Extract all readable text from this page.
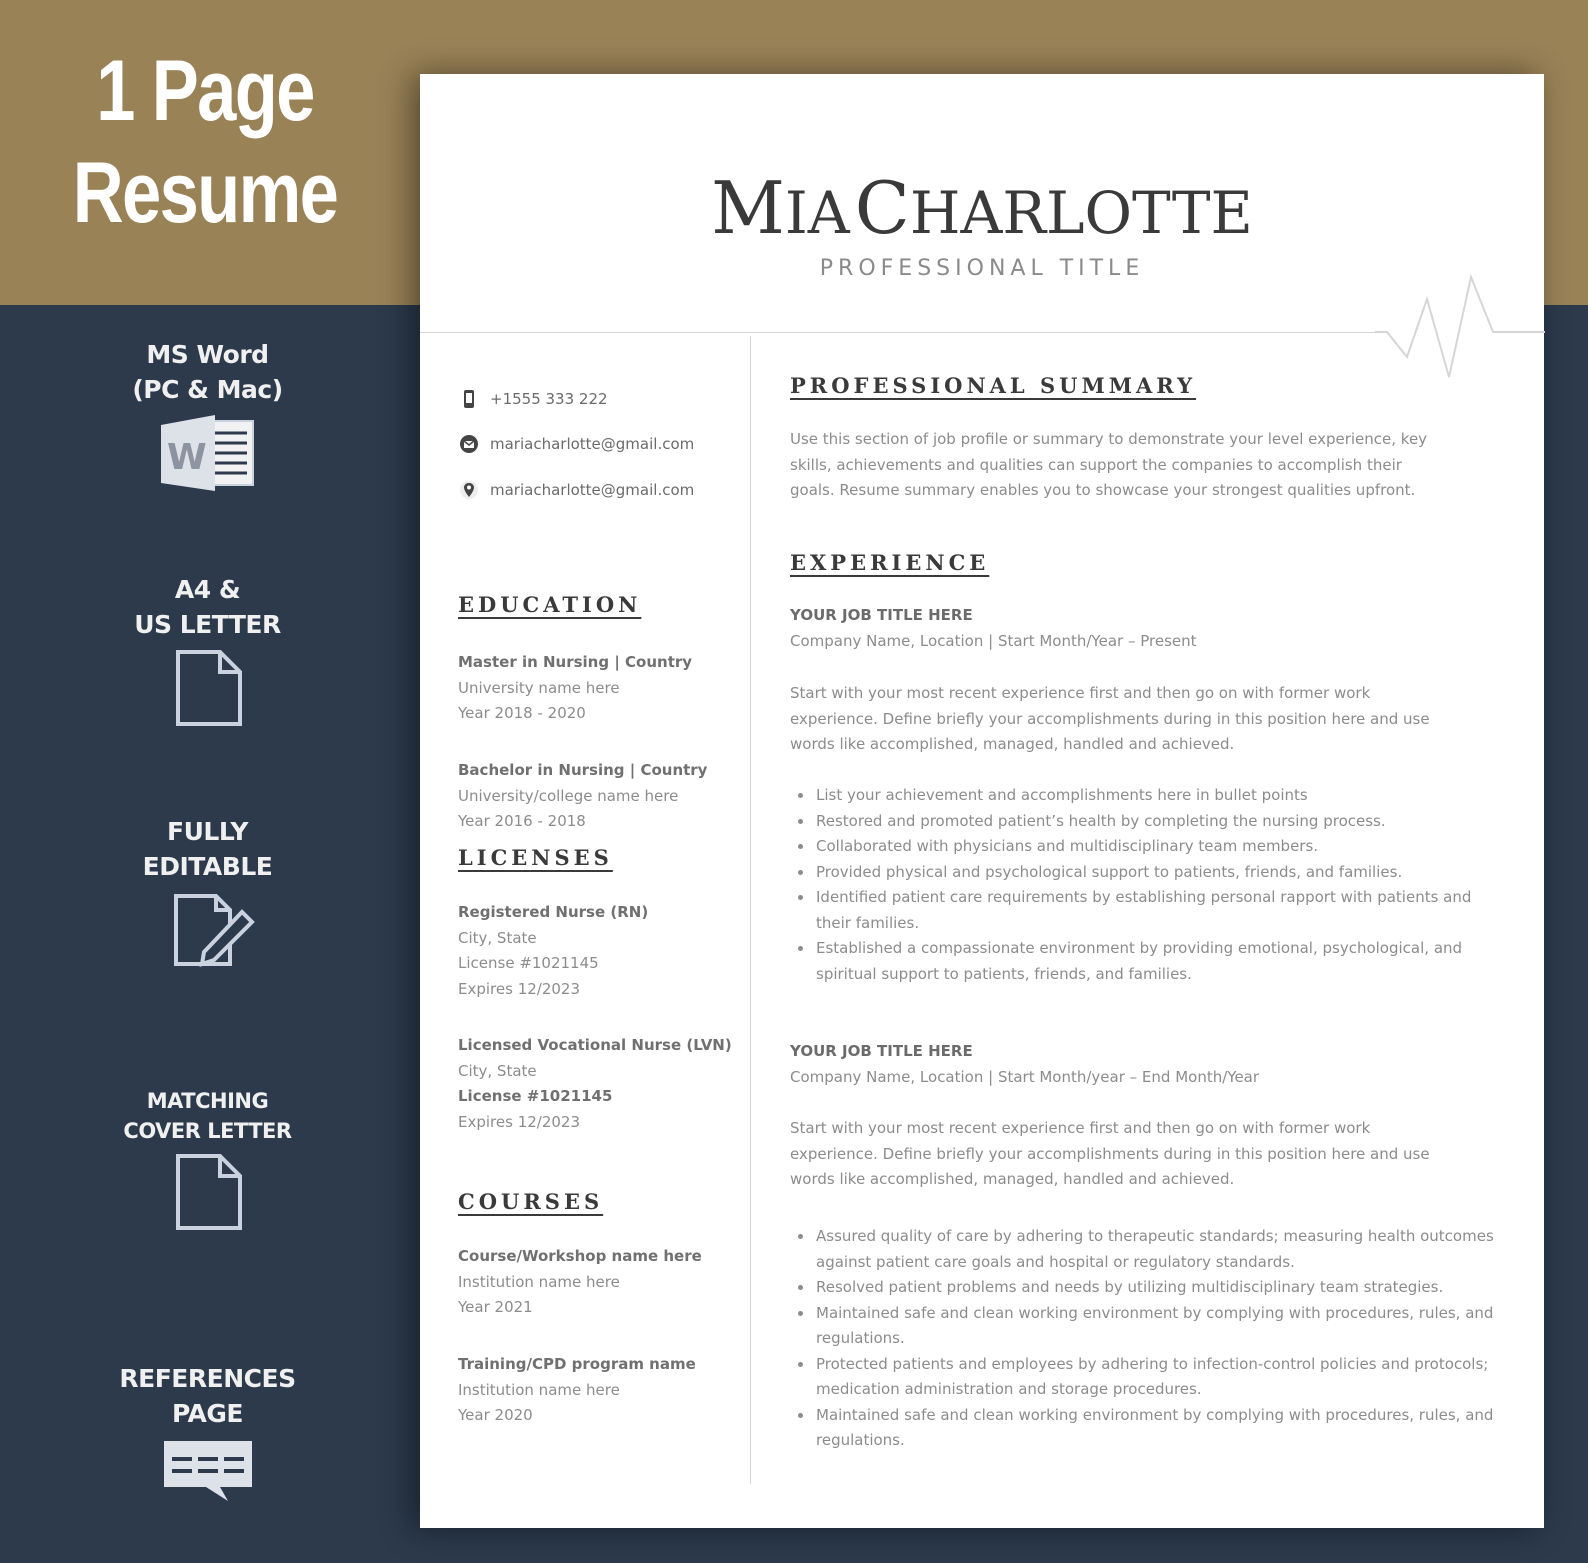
1 Page
Resume
MS Word
(PC & Mac)
W
A4 &
US LETTER
FULLY
EDITABLE
MATCHING
COVER LETTER
REFERENCES
PAGE
MIA CHARLOTTE
PROFESSIONAL TITLE
+1555 333 222
mariacharlotte@gmail.com
mariacharlotte@gmail.com
EDUCATION
Master in Nursing | Country
University name here
Year 2018 - 2020
Bachelor in Nursing | Country
University/college name here
Year 2016 - 2018
LICENSES
Registered Nurse (RN)
City, State
License #1021145
Expires 12/2023
Licensed Vocational Nurse (LVN)
City, State
License #1021145
Expires 12/2023
COURSES
Course/Workshop name here
Institution name here
Year 2021
Training/CPD program name
Institution name here
Year 2020
PROFESSIONAL SUMMARY
Use this section of job profile or summary to demonstrate your level experience, key
skills, achievements and qualities can support the companies to accomplish their
goals. Resume summary enables you to showcase your strongest qualities upfront.
EXPERIENCE
YOUR JOB TITLE HERE
Company Name, Location | Start Month/Year – Present
Start with your most recent experience first and then go on with former work
experience. Define briefly your accomplishments during in this position here and use
words like accomplished, managed, handled and achieved.
• List your achievement and accomplishments here in bullet points
• Restored and promoted patient’s health by completing the nursing process.
• Collaborated with physicians and multidisciplinary team members.
• Provided physical and psychological support to patients, friends, and families.
• Identified patient care requirements by establishing personal rapport with patients and their families.
• Established a compassionate environment by providing emotional, psychological, and spiritual support to patients, friends, and families.
YOUR JOB TITLE HERE
Company Name, Location | Start Month/year – End Month/Year
Start with your most recent experience first and then go on with former work
experience. Define briefly your accomplishments during in this position here and use
words like accomplished, managed, handled and achieved.
• Assured quality of care by adhering to therapeutic standards; measuring health outcomes against patient care goals and hospital or regulatory standards.
• Resolved patient problems and needs by utilizing multidisciplinary team strategies.
• Maintained safe and clean working environment by complying with procedures, rules, and regulations.
• Protected patients and employees by adhering to infection-control policies and protocols; medication administration and storage procedures.
• Maintained safe and clean working environment by complying with procedures, rules, and regulations.
